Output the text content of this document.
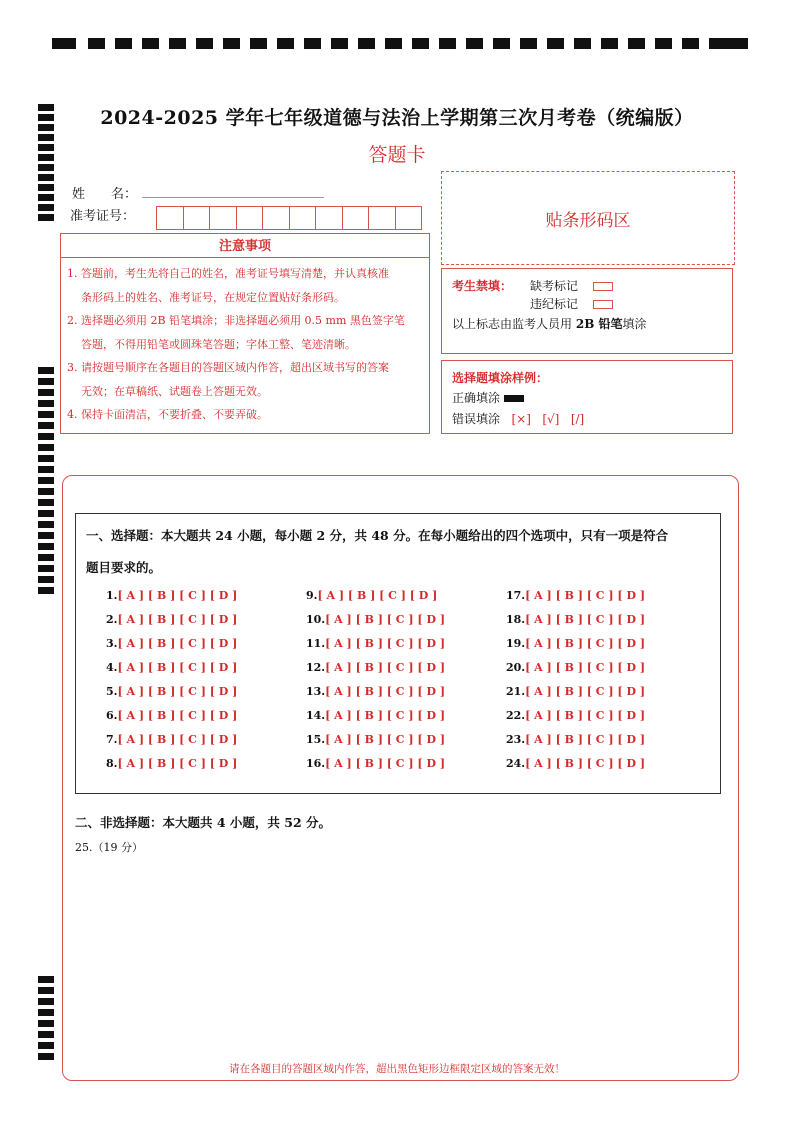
2024-2025 学年七年级道德与法治上学期第三次月考卷（统编版）
答题卡
姓　　名：
准考证号：	贴条形码区
注意事项
1. 答题前，考生先将自己的姓名，准考证号填写清楚，并认真核准
条形码上的姓名、准考证号，在规定位置贴好条形码。
2. 选择题必须用 2B 铅笔填涂；非选择题必须用 0.5 mm 黑色签字笔
答题，不得用铅笔或圆珠笔答题；字体工整、笔迹清晰。
3. 请按题号顺序在各题目的答题区域内作答，超出区域书写的答案
无效；在草稿纸、试题卷上答题无效。
4. 保持卡面清洁，不要折叠、不要弄破。
考生禁填： 缺考标记
违纪标记
以上标志由监考人员用 2B 铅笔填涂
选择题填涂样例：
正确填涂
错误填涂 [×] [√] [/]
一、选择题：本大题共 24 小题，每小题 2 分，共 48 分。在每小题给出的四个选项中，只有一项是符合
题目要求的。
1.[ A ] [ B ] [ C ] [ D ]
2.[ A ] [ B ] [ C ] [ D ]
3.[ A ] [ B ] [ C ] [ D ]
4.[ A ] [ B ] [ C ] [ D ]
5.[ A ] [ B ] [ C ] [ D ]
6.[ A ] [ B ] [ C ] [ D ]
7.[ A ] [ B ] [ C ] [ D ]
8.[ A ] [ B ] [ C ] [ D ]
9.[ A ] [ B ] [ C ] [ D ]
10.[ A ] [ B ] [ C ] [ D ]
11.[ A ] [ B ] [ C ] [ D ]
12.[ A ] [ B ] [ C ] [ D ]
13.[ A ] [ B ] [ C ] [ D ]
14.[ A ] [ B ] [ C ] [ D ]
15.[ A ] [ B ] [ C ] [ D ]
16.[ A ] [ B ] [ C ] [ D ]
17.[ A ] [ B ] [ C ] [ D ]
18.[ A ] [ B ] [ C ] [ D ]
19.[ A ] [ B ] [ C ] [ D ]
20.[ A ] [ B ] [ C ] [ D ]
21.[ A ] [ B ] [ C ] [ D ]
22.[ A ] [ B ] [ C ] [ D ]
23.[ A ] [ B ] [ C ] [ D ]
24.[ A ] [ B ] [ C ] [ D ]
二、非选择题：本大题共 4 小题，共 52 分。
25.（19 分）
请在各题目的答题区域内作答，超出黑色矩形边框限定区域的答案无效！
